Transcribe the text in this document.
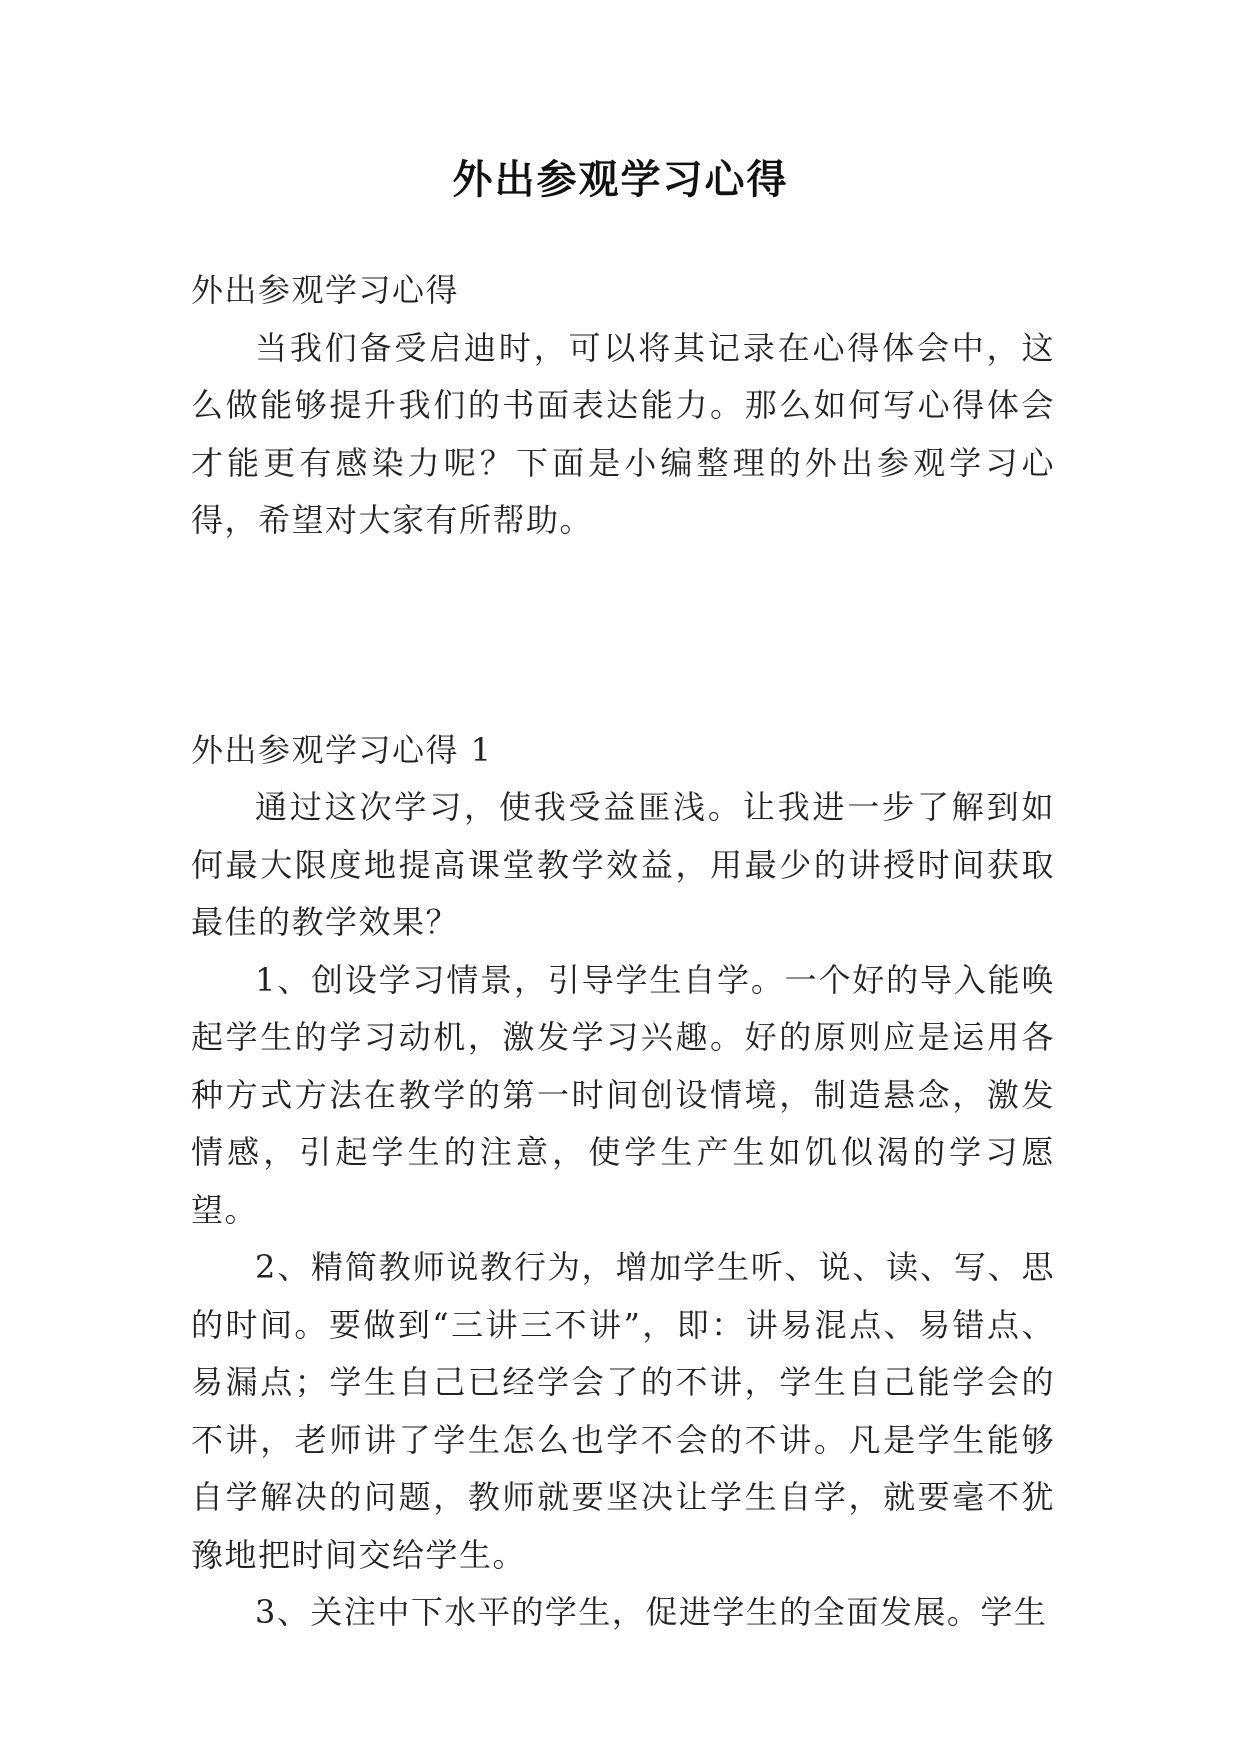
外出参观学习心得

外出参观学习心得

当我们备受启迪时，可以将其记录在心得体会中，这么做能够提升我们的书面表达能力。那么如何写心得体会才能更有感染力呢？下面是小编整理的外出参观学习心得，希望对大家有所帮助。

外出参观学习心得 1

通过这次学习，使我受益匪浅。让我进一步了解到如何最大限度地提高课堂教学效益，用最少的讲授时间获取最佳的教学效果？

1、创设学习情景，引导学生自学。一个好的导入能唤起学生的学习动机，激发学习兴趣。好的原则应是运用各种方式方法在教学的第一时间创设情境，制造悬念，激发情感，引起学生的注意，使学生产生如饥似渴的学习愿望。

2、精简教师说教行为，增加学生听、说、读、写、思的时间。要做到“三讲三不讲”，即：讲易混点、易错点、易漏点；学生自己已经学会了的不讲，学生自己能学会的不讲，老师讲了学生怎么也学不会的不讲。凡是学生能够自学解决的问题，教师就要坚决让学生自学，就要毫不犹豫地把时间交给学生。

3、关注中下水平的学生，促进学生的全面发展。学生
